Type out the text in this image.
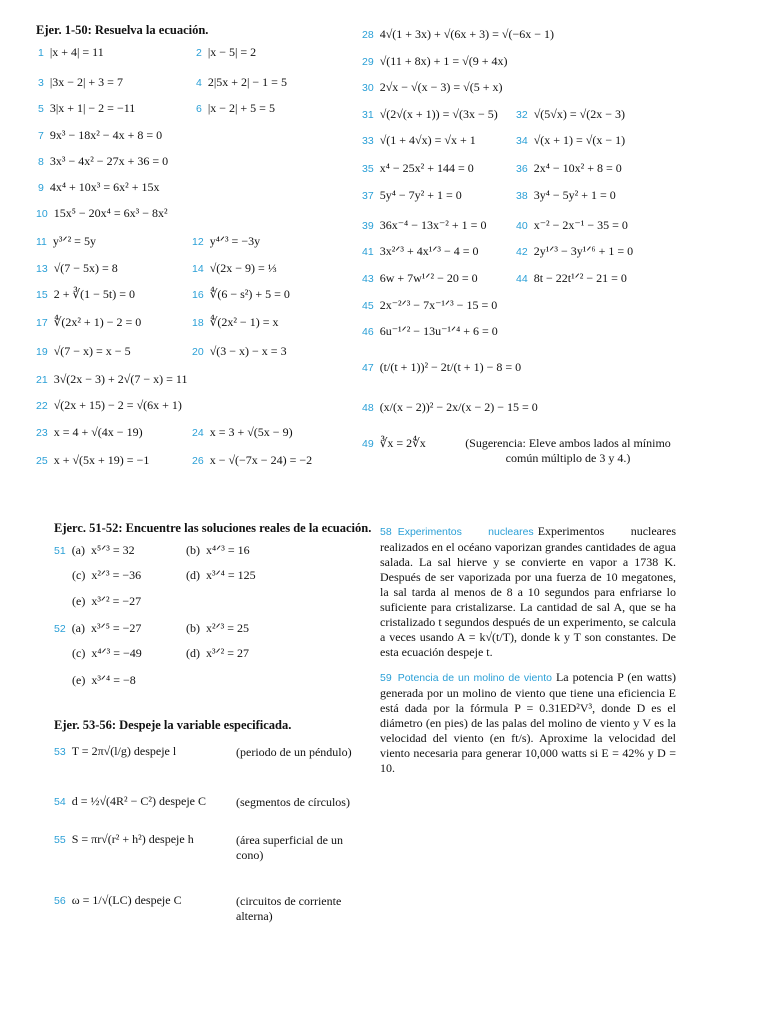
Ejer. 1-50: Resuelva la ecuación.
1 |x + 4| = 11	2 |x − 5| = 2
3 |3x − 2| + 3 = 7	4 2|5x + 2| − 1 = 5
5 3|x + 1| − 2 = −11	6 |x − 2| + 5 = 5
7 9x³ − 18x² − 4x + 8 = 0
8 3x³ − 4x² − 27x + 36 = 0
9 4x⁴ + 10x³ = 6x² + 15x
10 15x⁵ − 20x⁴ = 6x³ − 8x²
11 y³ᐟ² = 5y	12 y⁴ᐟ³ = −3y
13 √(7 − 5x) = 8	14 √(2x − 9) = ⅓
15 2 + ∛(1 − 5t) = 0	16 ∜(6 − s²) + 5 = 0
17 ∜(2x² + 1) − 2 = 0	18 ∜(2x² − 1) = x
19 √(7 − x) = x − 5	20 √(3 − x) − x = 3
21 3√(2x − 3) + 2√(7 − x) = 11
22 √(2x + 15) − 2 = √(6x + 1)
23 x = 4 + √(4x − 19)	24 x = 3 + √(5x − 9)
25 x + √(5x + 19) = −1	26 x − √(−7x − 24) = −2
28 4√(1 + 3x) + √(6x + 3) = √(−6x − 1)
29 √(11 + 8x) + 1 = √(9 + 4x)
30 2√x − √(x − 3) = √(5 + x)
31 √(2√(x + 1)) = √(3x − 5) 32 √(5√x) = √(2x − 3)
33 √(1 + 4√x) = √x + 1	34 √(x + 1) = √(x − 1)
35 x⁴ − 25x² + 144 = 0	36 2x⁴ − 10x² + 8 = 0
37 5y⁴ − 7y² + 1 = 0	38 3y⁴ − 5y² + 1 = 0
39 36x⁻⁴ − 13x⁻² + 1 = 0	40 x⁻² − 2x⁻¹ − 35 = 0
41 3x²ᐟ³ + 4x¹ᐟ³ − 4 = 0	42 2y¹ᐟ³ − 3y¹ᐟ⁶ + 1 = 0
43 6w + 7w¹ᐟ² − 20 = 0	44 8t − 22t¹ᐟ² − 21 = 0
45 2x⁻²ᐟ³ − 7x⁻¹ᐟ³ − 15 = 0
46 6u⁻¹ᐟ² − 13u⁻¹ᐟ⁴ + 6 = 0
47 (t/(t + 1))² − 2t/(t + 1) − 8 = 0
48 (x/(x − 2))² − 2x/(x − 2) − 15 = 0
49 ∛x = 2∜x	(Sugerencia: Eleve ambos lados al mínimo común múltiplo de 3 y 4.)
Ejerc. 51-52: Encuentre las soluciones reales de la ecuación.
51 (a) x⁵ᐟ³ = 32	(b) x⁴ᐟ³ = 16
(c) x²ᐟ³ = −36	(d) x³ᐟ⁴ = 125
(e) x³ᐟ² = −27
52 (a) x³ᐟ⁵ = −27	(b) x²ᐟ³ = 25
(c) x⁴ᐟ³ = −49	(d) x³ᐟ² = 27
(e) x³ᐟ⁴ = −8
Ejer. 53-56: Despeje la variable especificada.
53 T = 2π√(l/g) despeje l	(periodo de un péndulo)
54 d = ½√(4R² − C²) despeje C	(segmentos de círculos)
55 S = πr√(r² + h²) despeje h	(área superficial de un cono)
56 ω = 1/√(LC) despeje C	(circuitos de corriente alterna)
58 Experimentos nucleares Experimentos nucleares realizados en el océano vaporizan grandes cantidades de agua salada. La sal hierve y se convierte en vapor a 1738 K. Después de ser vaporizada por una fuerza de 10 megatones, la sal tarda al menos de 8 a 10 segundos para enfriarse lo suficiente para cristalizarse. La cantidad de sal A, que se ha cristalizado t segundos después de un experimento, se calcula a veces usando A = k√(t/T), donde k y T son constantes. De esta ecuación despeje t.
59 Potencia de un molino de viento La potencia P (en watts) generada por un molino de viento que tiene una eficiencia E está dada por la fórmula P = 0.31ED²V³, donde D es el diámetro (en pies) de las palas del molino de viento y V es la velocidad del viento (en ft/s). Aproxime la velocidad del viento necesaria para generar 10,000 watts si E = 42% y D = 10.
